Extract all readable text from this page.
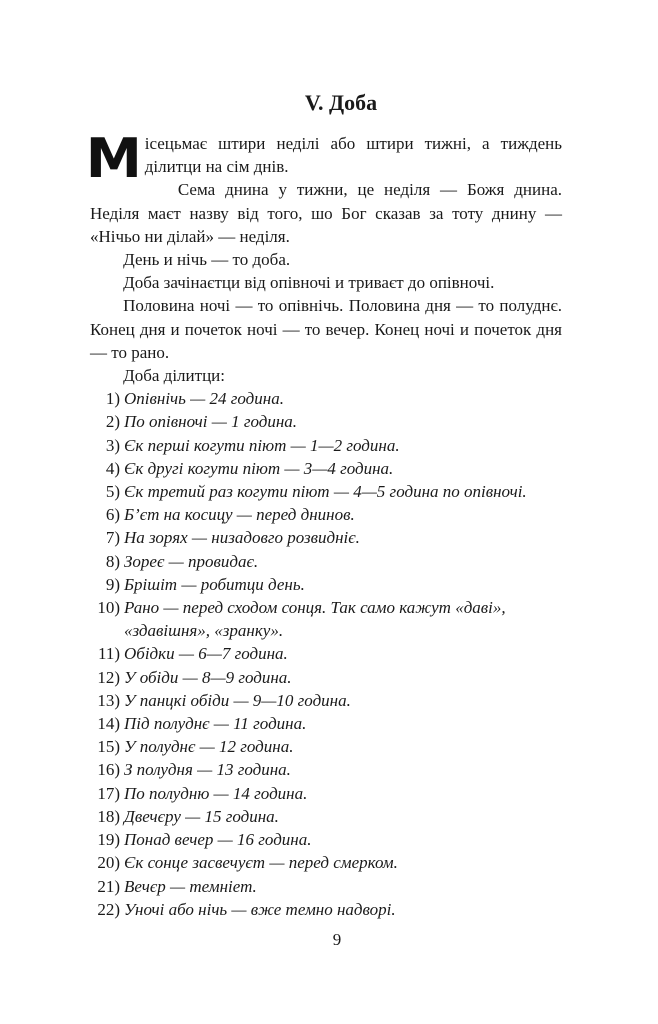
V. Доба

Місецьмає штири неділі або штири тижні, а тиждень ділитци на сім днів.

Сема днина у тижни, це неділя — Божя днина. Неділя маєт назву від того, шо Бог сказав за тоту днину — «Нічьо ни ділай» — неділя.

День и нічь — то доба.

Доба зачінаєтци від опівночі и триваєт до опівночі.

Половина ночі — то опівнічь. Половина дня — то полуднє. Конец дня и почеток ночі — то вечер. Конец ночі и почеток дня — то рано.

Доба ділитци:

1) Опівнічь — 24 година.
2) По опівночі — 1 година.
3) Єк перші когути піют — 1—2 година.
4) Єк другі когути піют — 3—4 година.
5) Єк третий раз когути піют — 4—5 година по опівночі.
6) Б’єт на косицу — перед днинов.
7) На зорях — низадовго розвиднiє.
8) Зореє — провидає.
9) Брішіт — робитци день.
10) Рано — перед сходом сонця. Так само кажут «даві», «здавішня», «зранку».
11) Обідки — 6—7 година.
12) У обіди — 8—9 година.
13) У панцкі обіди — 9—10 година.
14) Під полуднє — 11 година.
15) У полуднє — 12 година.
16) З полудня — 13 година.
17) По полудню — 14 година.
18) Двечєру — 15 година.
19) Понад вечер — 16 година.
20) Єк сонце засвечуєт — перед смерком.
21) Вечєр — темніет.
22) Уночі або нічь — вже темно надворі.
9
